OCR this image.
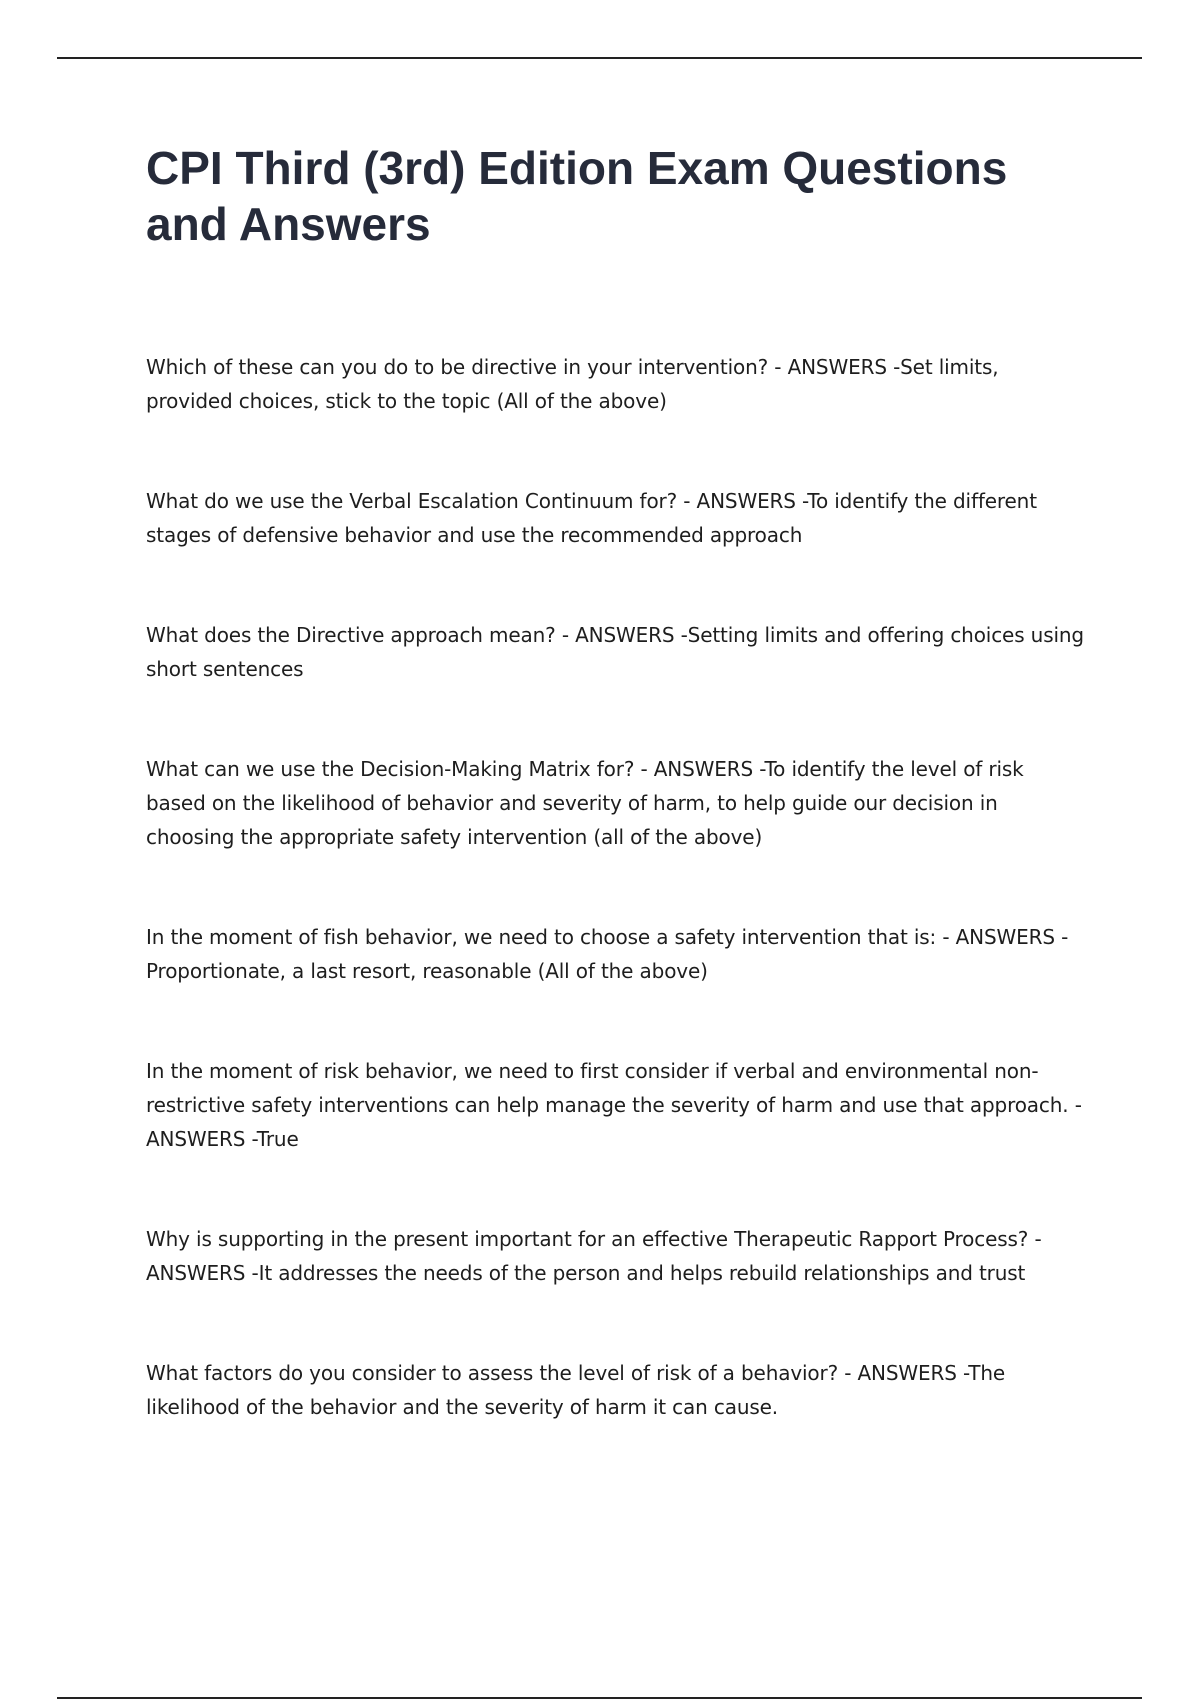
CPI Third (3rd) Edition Exam Questions and Answers

Which of these can you do to be directive in your intervention? - ANSWERS -Set limits, provided choices, stick to the topic (All of the above)

What do we use the Verbal Escalation Continuum for? - ANSWERS -To identify the different stages of defensive behavior and use the recommended approach

What does the Directive approach mean? - ANSWERS -Setting limits and offering choices using short sentences

What can we use the Decision-Making Matrix for? - ANSWERS -To identify the level of risk based on the likelihood of behavior and severity of harm, to help guide our decision in choosing the appropriate safety intervention (all of the above)

In the moment of fish behavior, we need to choose a safety intervention that is: - ANSWERS -Proportionate, a last resort, reasonable (All of the above)

In the moment of risk behavior, we need to first consider if verbal and environmental non-restrictive safety interventions can help manage the severity of harm and use that approach. - ANSWERS -True

Why is supporting in the present important for an effective Therapeutic Rapport Process? - ANSWERS -It addresses the needs of the person and helps rebuild relationships and trust

What factors do you consider to assess the level of risk of a behavior? - ANSWERS -The likelihood of the behavior and the severity of harm it can cause.
